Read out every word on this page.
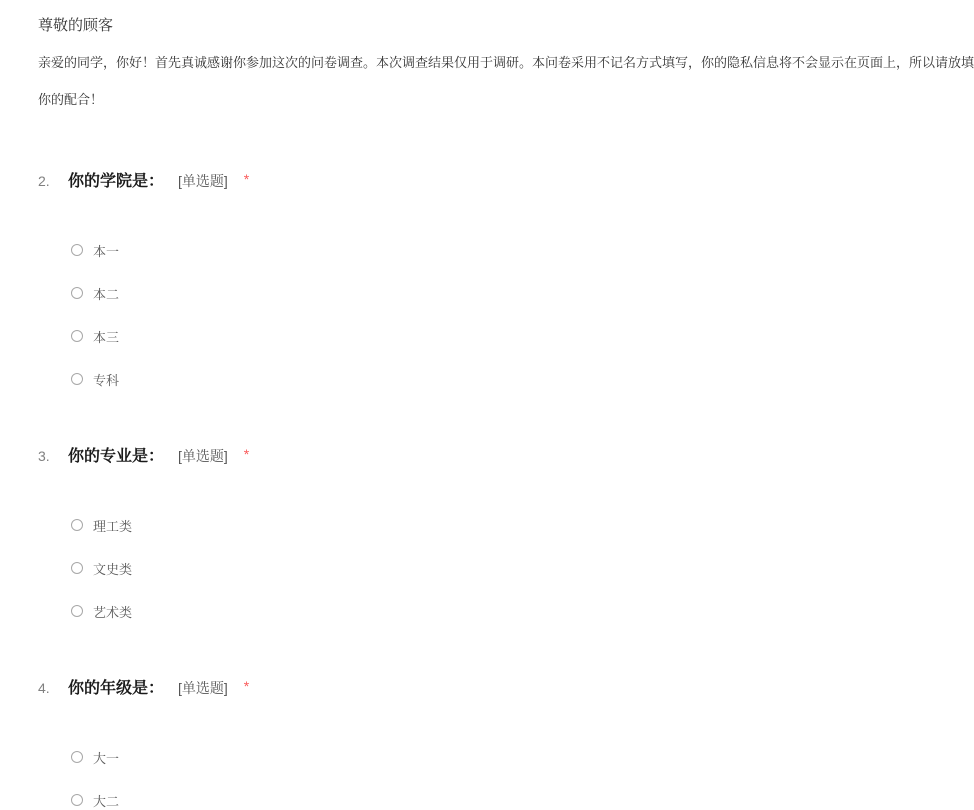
尊敬的顾客
亲爱的同学，你好！首先真诚感谢你参加这次的问卷调查。本次调查结果仅用于调研。本问卷采用不记名方式填写，你的隐私信息将不会显示在页面上，所以请放填
你的配合！
2.	你的学院是： [单选题] *
本一
本二
本三
专科
3.	你的专业是： [单选题] *
理工类
文史类
艺术类
4.	你的年级是： [单选题] *
大一
大二
